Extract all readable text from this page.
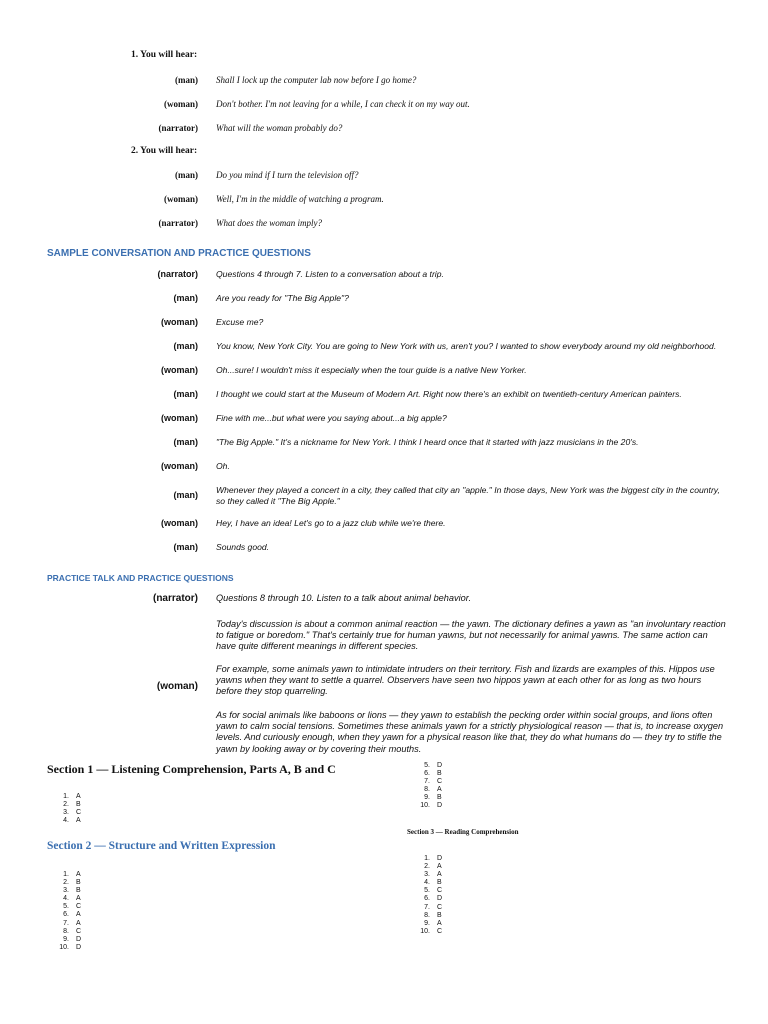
1. You will hear:
(man) Shall I lock up the computer lab now before I go home?
(woman) Don't bother. I'm not leaving for a while, I can check it on my way out.
(narrator) What will the woman probably do?
2. You will hear:
(man) Do you mind if I turn the television off?
(woman) Well, I'm in the middle of watching a program.
(narrator) What does the woman imply?
SAMPLE CONVERSATION AND PRACTICE QUESTIONS
(narrator) Questions 4 through 7. Listen to a conversation about a trip.
(man) Are you ready for "The Big Apple"?
(woman) Excuse me?
(man) You know, New York City. You are going to New York with us, aren't you? I wanted to show everybody around my old neighborhood.
(woman) Oh...sure! I wouldn't miss it especially when the tour guide is a native New Yorker.
(man) I thought we could start at the Museum of Modern Art. Right now there's an exhibit on twentieth-century American painters.
(woman) Fine with me...but what were you saying about...a big apple?
(man) "The Big Apple." It's a nickname for New York. I think I heard once that it started with jazz musicians in the 20's.
(woman) Oh.
(man) Whenever they played a concert in a city, they called that city an "apple." In those days, New York was the biggest city in the country, so they called it "The Big Apple."
(woman) Hey, I have an idea! Let's go to a jazz club while we're there.
(man) Sounds good.
PRACTICE TALK AND PRACTICE QUESTIONS
(narrator) Questions 8 through 10. Listen to a talk about animal behavior.
(woman)
Today's discussion is about a common animal reaction — the yawn. The dictionary defines a yawn as "an involuntary reaction to fatigue or boredom." That's certainly true for human yawns, but not necessarily for animal yawns. The same action can have quite different meanings in different species.
For example, some animals yawn to intimidate intruders on their territory. Fish and lizards are examples of this. Hippos use yawns when they want to settle a quarrel. Observers have seen two hippos yawn at each other for as long as two hours before they stop quarreling.
As for social animals like baboons or lions — they yawn to establish the pecking order within social groups, and lions often yawn to calm social tensions. Sometimes these animals yawn for a strictly physiological reason — that is, to increase oxygen levels. And curiously enough, when they yawn for a physical reason like that, they do what humans do — they try to stifle the yawn by looking away or by covering their mouths.
Section 1 — Listening Comprehension, Parts A, B and C
1.	A
2.	B
3.	C
4.	A
5.	D
6.	B
7.	C
8.	A
9.	B
10.	D
Section 3 — Reading Comprehension
1.	D
2.	A
3.	A
4.	B
5.	C
6.	D
7.	C
8.	B
9.	A
10.	C
Section 2 — Structure and Written Expression
1.	A
2.	B
3.	B
4.	A
5.	C
6.	A
7.	A
8.	C
9.	D
10.	D
